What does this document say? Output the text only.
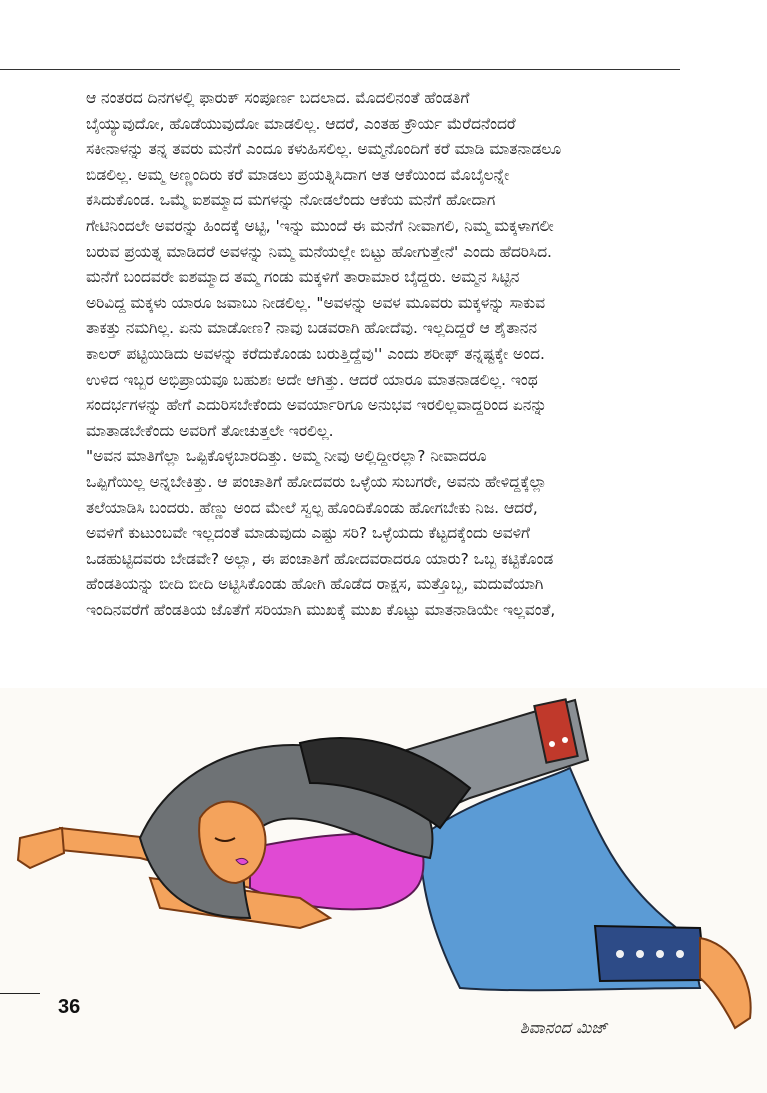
ಆ ನಂತರದ ದಿನಗಳಲ್ಲಿ ಫಾರುಕ್ ಸಂಪೂರ್ಣ ಬದಲಾದ. ಮೊದಲಿನಂತೆ ಹೆಂಡತಿಗೆ
ಬೈಯ್ಯುವುದೋ, ಹೊಡೆಯುವುದೋ ಮಾಡಲಿಲ್ಲ. ಆದರೆ, ಎಂತಹ ಕ್ರೌರ್ಯ ಮೆರೆದನೆಂದರೆ
ಸಕೀನಾಳನ್ನು ತನ್ನ ತವರು ಮನೆಗೆ ಎಂದೂ ಕಳುಹಿಸಲಿಲ್ಲ. ಅಮ್ಮನೊಂದಿಗೆ ಕರೆ ಮಾಡಿ ಮಾತನಾಡಲೂ
ಬಿಡಲಿಲ್ಲ. ಅಮ್ಮ ಅಣ್ಣಂದಿರು ಕರೆ ಮಾಡಲು ಪ್ರಯತ್ನಿಸಿದಾಗ ಆತ ಆಕೆಯಿಂದ ಮೊಬೈಲನ್ನೇ
ಕಸಿದುಕೊಂಡ. ಒಮ್ಮೆ ಐಶಮ್ಮಾದ ಮಗಳನ್ನು ನೋಡಲೆಂದು ಆಕೆಯ ಮನೆಗೆ ಹೋದಾಗ
ಗೇಟಿನಿಂದಲೇ ಅವರನ್ನು ಹಿಂದಕ್ಕೆ ಅಟ್ಟಿ, 'ಇನ್ನು ಮುಂದೆ ಈ ಮನೆಗೆ ನೀವಾಗಲಿ, ನಿಮ್ಮ ಮಕ್ಕಳಾಗಲೀ
ಬರುವ ಪ್ರಯತ್ನ ಮಾಡಿದರೆ ಅವಳನ್ನು ನಿಮ್ಮ ಮನೆಯಲ್ಲೇ ಬಿಟ್ಟು ಹೋಗುತ್ತೇನೆ' ಎಂದು ಹೆದರಿಸಿದ.

ಮನೆಗೆ ಬಂದವರೇ ಐಶಮ್ಮಾದ ತಮ್ಮ ಗಂಡು ಮಕ್ಕಳಿಗೆ ತಾರಾಮಾರ ಬೈದ್ದರು. ಅಮ್ಮನ ಸಿಟ್ಟಿನ
ಅರಿವಿದ್ದ ಮಕ್ಕಳು ಯಾರೂ ಜವಾಬು ನೀಡಲಿಲ್ಲ. "ಅವಳನ್ನು ಅವಳ ಮೂವರು ಮಕ್ಕಳನ್ನು ಸಾಕುವ
ತಾಕತ್ತು ನಮಗಿಲ್ಲ. ಏನು ಮಾಡೋಣ? ನಾವು ಬಡವರಾಗಿ ಹೋದೆವು. ಇಲ್ಲದಿದ್ದರೆ ಆ ಶೈತಾನನ
ಕಾಲರ್ ಪಟ್ಟಿಯಿಡಿದು ಅವಳನ್ನು ಕರೆದುಕೊಂಡು ಬರುತ್ತಿದ್ದೆವು'' ಎಂದು ಶರೀಫ್ ತನ್ನಷ್ಟಕ್ಕೇ ಅಂದ.
ಉಳಿದ ಇಬ್ಬರ ಅಭಿಪ್ರಾಯವೂ ಬಹುಶಃ ಅದೇ ಆಗಿತ್ತು. ಆದರೆ ಯಾರೂ ಮಾತನಾಡಲಿಲ್ಲ. ಇಂಥ
ಸಂದರ್ಭಗಳನ್ನು ಹೇಗೆ ಎದುರಿಸಬೇಕೆಂದು ಅವರ್ಯಾರಿಗೂ ಅನುಭವ ಇರಲಿಲ್ಲವಾದ್ದರಿಂದ ಏನನ್ನು
ಮಾತಾಡಬೇಕೆಂದು ಅವರಿಗೆ ತೋಚುತ್ತಲೇ ಇರಲಿಲ್ಲ.

"ಅವನ ಮಾತಿಗೆಲ್ಲಾ ಒಪ್ಪಿಕೊಳ್ಳಬಾರದಿತ್ತು. ಅಮ್ಮ ನೀವು ಅಲ್ಲಿದ್ದೀರಲ್ಲಾ? ನೀವಾದರೂ
ಒಪ್ಪಿಗೆಯಿಲ್ಲ ಅನ್ನಬೇಕಿತ್ತು. ಆ ಪಂಚಾತಿಗೆ ಹೋದವರು ಒಳ್ಳೆಯ ಸುಬಗರೇ, ಅವನು ಹೇಳಿದ್ದಕ್ಕೆಲ್ಲಾ
ತಲೆಯಾಡಿಸಿ ಬಂದರು. ಹೆಣ್ಣು ಅಂದ ಮೇಲೆ ಸ್ವಲ್ಪ ಹೊಂದಿಕೊಂಡು ಹೋಗಬೇಕು ನಿಜ. ಆದರೆ,
ಅವಳಿಗೆ ಕುಟುಂಬವೇ ಇಲ್ಲದಂತೆ ಮಾಡುವುದು ಎಷ್ಟು ಸರಿ? ಒಳ್ಳೆಯದು ಕೆಟ್ಟದಕ್ಕೆಂದು ಅವಳಿಗೆ
ಒಡಹುಟ್ಟಿದವರು ಬೇಡವೇ? ಅಲ್ಲಾ, ಈ ಪಂಚಾತಿಗೆ ಹೋದವರಾದರೂ ಯಾರು? ಒಬ್ಬ ಕಟ್ಟಿಕೊಂಡ
ಹೆಂಡತಿಯನ್ನು ಬೀದಿ ಬೀದಿ ಅಟ್ಟಿಸಿಕೊಂಡು ಹೋಗಿ ಹೊಡೆದ ರಾಕ್ಷಸ, ಮತ್ತೊಬ್ಬ, ಮದುವೆಯಾಗಿ
ಇಂದಿನವರೆಗೆ ಹೆಂಡತಿಯ ಜೊತೆಗೆ ಸರಿಯಾಗಿ ಮುಖಕ್ಕೆ ಮುಖ ಕೊಟ್ಟು ಮಾತನಾಡಿಯೇ ಇಲ್ಲವಂತೆ,

ಶಿವಾನಂದ ಮಿಜ್
36
